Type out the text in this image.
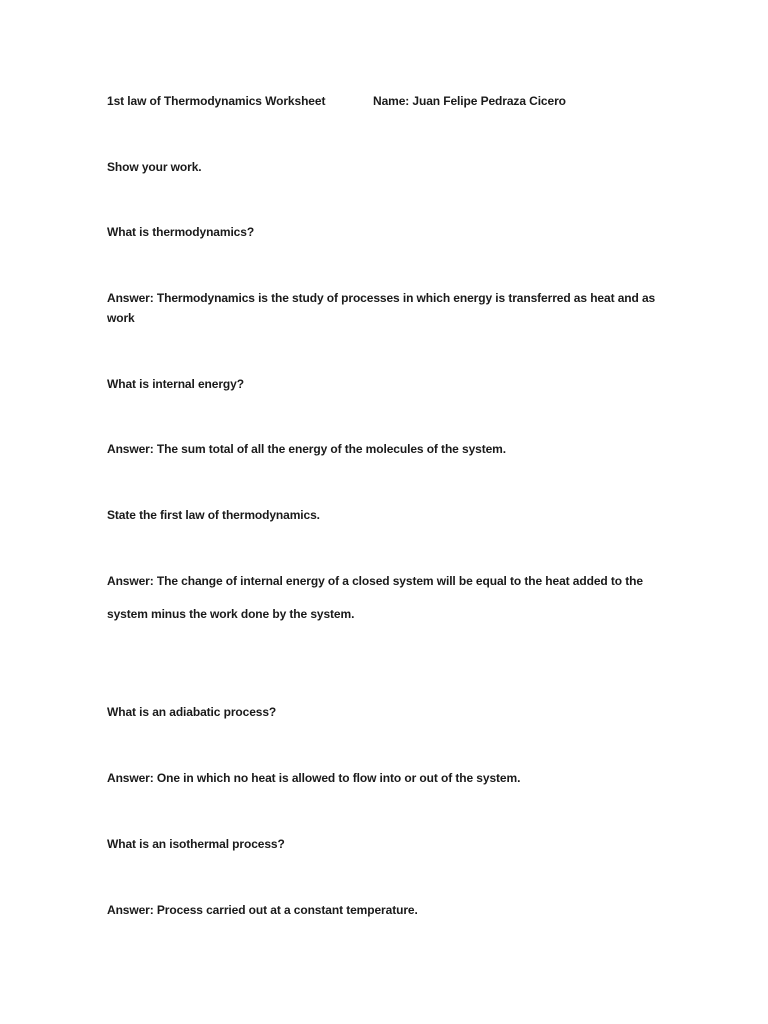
1st law of Thermodynamics Worksheet	Name: Juan Felipe Pedraza Cicero
Show your work.
What is thermodynamics?
Answer: Thermodynamics is the study of processes in which energy is transferred as heat and as
work
What is internal energy?
Answer: The sum total of all the energy of the molecules of the system.
State the first law of thermodynamics.
Answer: The change of internal energy of a closed system will be equal to the heat added to the
system minus the work done by the system.
What is an adiabatic process?
Answer: One in which no heat is allowed to flow into or out of the system.
What is an isothermal process?
Answer: Process carried out at a constant temperature.
